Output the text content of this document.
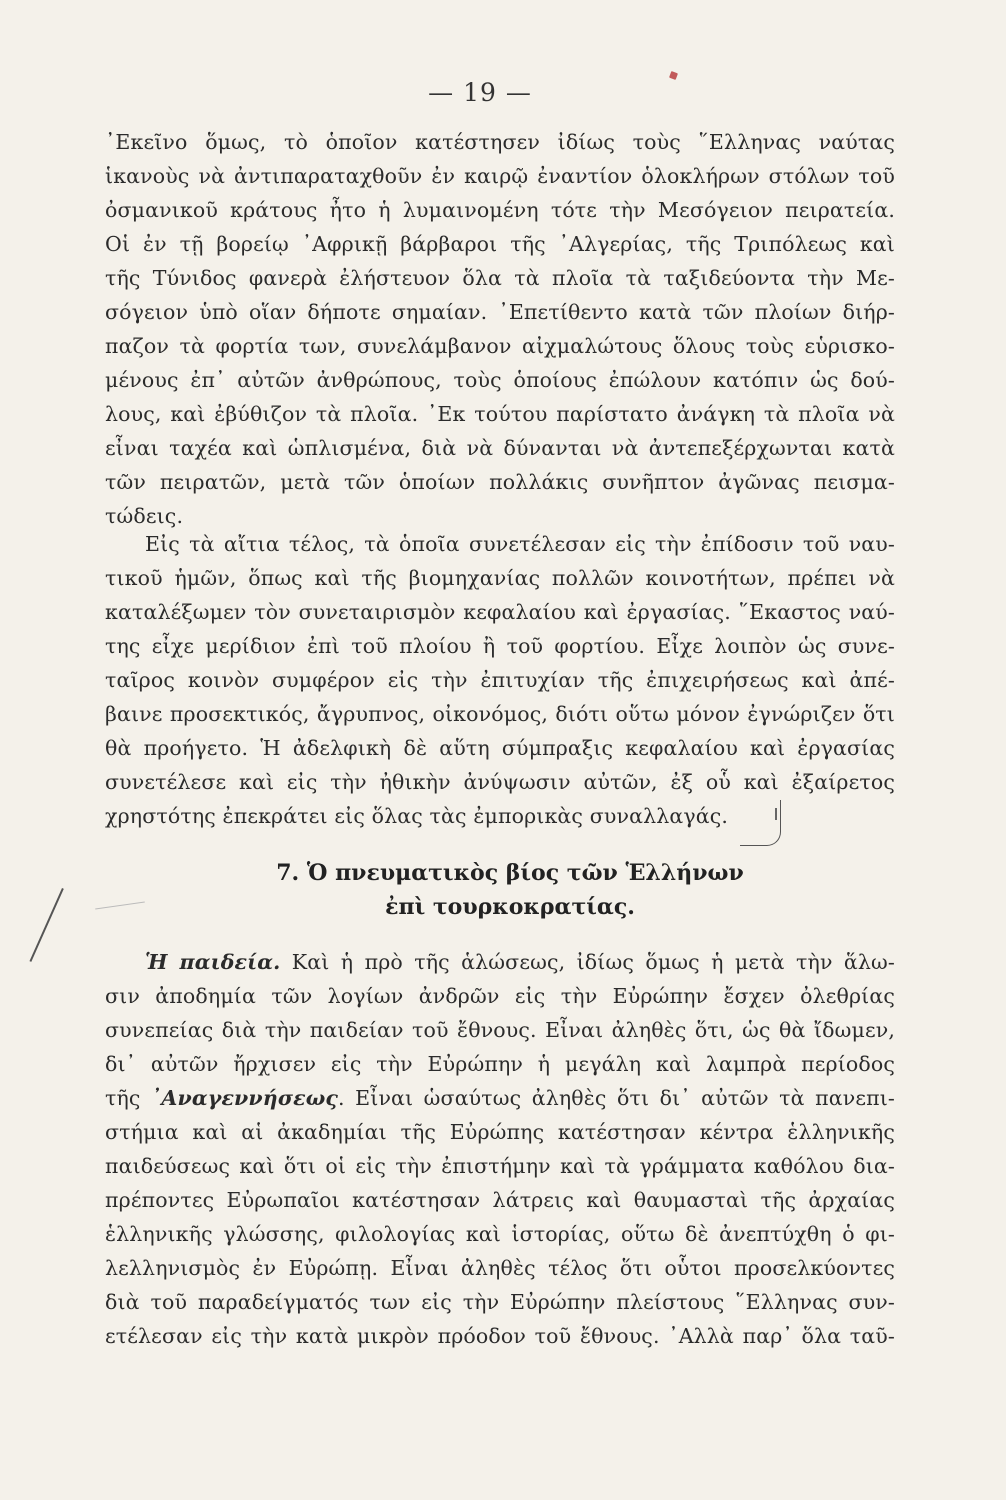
— 19 —
᾿Εκεῖνο ὅμως, τὸ ὁποῖον κατέστησεν ἰδίως τοὺς ῞Ελληνας ναύτας
ἱκανοὺς νὰ ἀντιπαραταχθοῦν ἐν καιρῷ ἐναντίον ὁλοκλήρων στόλων τοῦ
ὀσμανικοῦ κράτους ἦτο ἡ λυμαινομένη τότε τὴν Μεσόγειον πειρατεία.
Οἱ ἐν τῇ βορείῳ ᾿Αφρικῇ βάρβαροι τῆς ᾿Αλγερίας, τῆς Τριπόλεως καὶ
τῆς Τύνιδος φανερὰ ἐλήστευον ὅλα τὰ πλοῖα τὰ ταξιδεύοντα τὴν Με-
σόγειον ὑπὸ οἵαν δήποτε σημαίαν. ᾿Επετίθεντο κατὰ τῶν πλοίων διήρ-
παζον τὰ φορτία των, συνελάμβανον αἰχμαλώτους ὅλους τοὺς εὑρισκο-
μένους ἐπ᾿ αὐτῶν ἀνθρώπους, τοὺς ὁποίους ἐπώλουν κατόπιν ὡς δού-
λους, καὶ ἐβύθιζον τὰ πλοῖα. ᾿Εκ τούτου παρίστατο ἀνάγκη τὰ πλοῖα νὰ
εἶναι ταχέα καὶ ὡπλισμένα, διὰ νὰ δύνανται νὰ ἀντεπεξέρχωνται κατὰ
τῶν πειρατῶν, μετὰ τῶν ὁποίων πολλάκις συνῆπτον ἀγῶνας πεισμα-
τώδεις.
Εἰς τὰ αἴτια τέλος, τὰ ὁποῖα συνετέλεσαν εἰς τὴν ἐπίδοσιν τοῦ ναυ-
τικοῦ ἡμῶν, ὅπως καὶ τῆς βιομηχανίας πολλῶν κοινοτήτων, πρέπει νὰ
καταλέξωμεν τὸν συνεταιρισμὸν κεφαλαίου καὶ ἐργασίας. ῞Εκαστος ναύ-
της εἶχε μερίδιον ἐπὶ τοῦ πλοίου ἢ τοῦ φορτίου. Εἶχε λοιπὸν ὡς συνε-
ταῖρος κοινὸν συμφέρον εἰς τὴν ἐπιτυχίαν τῆς ἐπιχειρήσεως καὶ ἀπέ-
βαινε προσεκτικός, ἄγρυπνος, οἰκονόμος, διότι οὕτω μόνον ἐγνώριζεν ὅτι
θὰ προήγετο. Ἡ ἀδελφικὴ δὲ αὕτη σύμπραξις κεφαλαίου καὶ ἐργασίας
συνετέλεσε καὶ εἰς τὴν ἠθικὴν ἀνύψωσιν αὐτῶν, ἐξ οὗ καὶ ἐξαίρετος
χρηστότης ἐπεκράτει εἰς ὅλας τὰς ἐμπορικὰς συναλλαγάς.
7. Ὁ πνευματικὸς βίος τῶν Ἑλλήνων
ἐπὶ τουρκοκρατίας.
Ἡ παιδεία. Καὶ ἡ πρὸ τῆς ἁλώσεως, ἰδίως ὅμως ἡ μετὰ τὴν ἅλω-
σιν ἀποδημία τῶν λογίων ἀνδρῶν εἰς τὴν Εὐρώπην ἔσχεν ὀλεθρίας
συνεπείας διὰ τὴν παιδείαν τοῦ ἔθνους. Εἶναι ἀληθὲς ὅτι, ὡς θὰ ἴδωμεν,
δι᾿ αὐτῶν ἤρχισεν εἰς τὴν Εὐρώπην ἡ μεγάλη καὶ λαμπρὰ περίοδος
τῆς ᾿Αναγεννήσεως. Εἶναι ὡσαύτως ἀληθὲς ὅτι δι᾿ αὐτῶν τὰ πανεπι-
στήμια καὶ αἱ ἀκαδημίαι τῆς Εὐρώπης κατέστησαν κέντρα ἑλληνικῆς
παιδεύσεως καὶ ὅτι οἱ εἰς τὴν ἐπιστήμην καὶ τὰ γράμματα καθόλου δια-
πρέποντες Εὐρωπαῖοι κατέστησαν λάτρεις καὶ θαυμασταὶ τῆς ἀρχαίας
ἑλληνικῆς γλώσσης, φιλολογίας καὶ ἱστορίας, οὕτω δὲ ἀνεπτύχθη ὁ φι-
λελληνισμὸς ἐν Εὐρώπῃ. Εἶναι ἀληθὲς τέλος ὅτι οὗτοι προσελκύοντες
διὰ τοῦ παραδείγματός των εἰς τὴν Εὐρώπην πλείστους ῞Ελληνας συν-
ετέλεσαν εἰς τὴν κατὰ μικρὸν πρόοδον τοῦ ἔθνους. ᾿Αλλὰ παρ᾿ ὅλα ταῦ-
